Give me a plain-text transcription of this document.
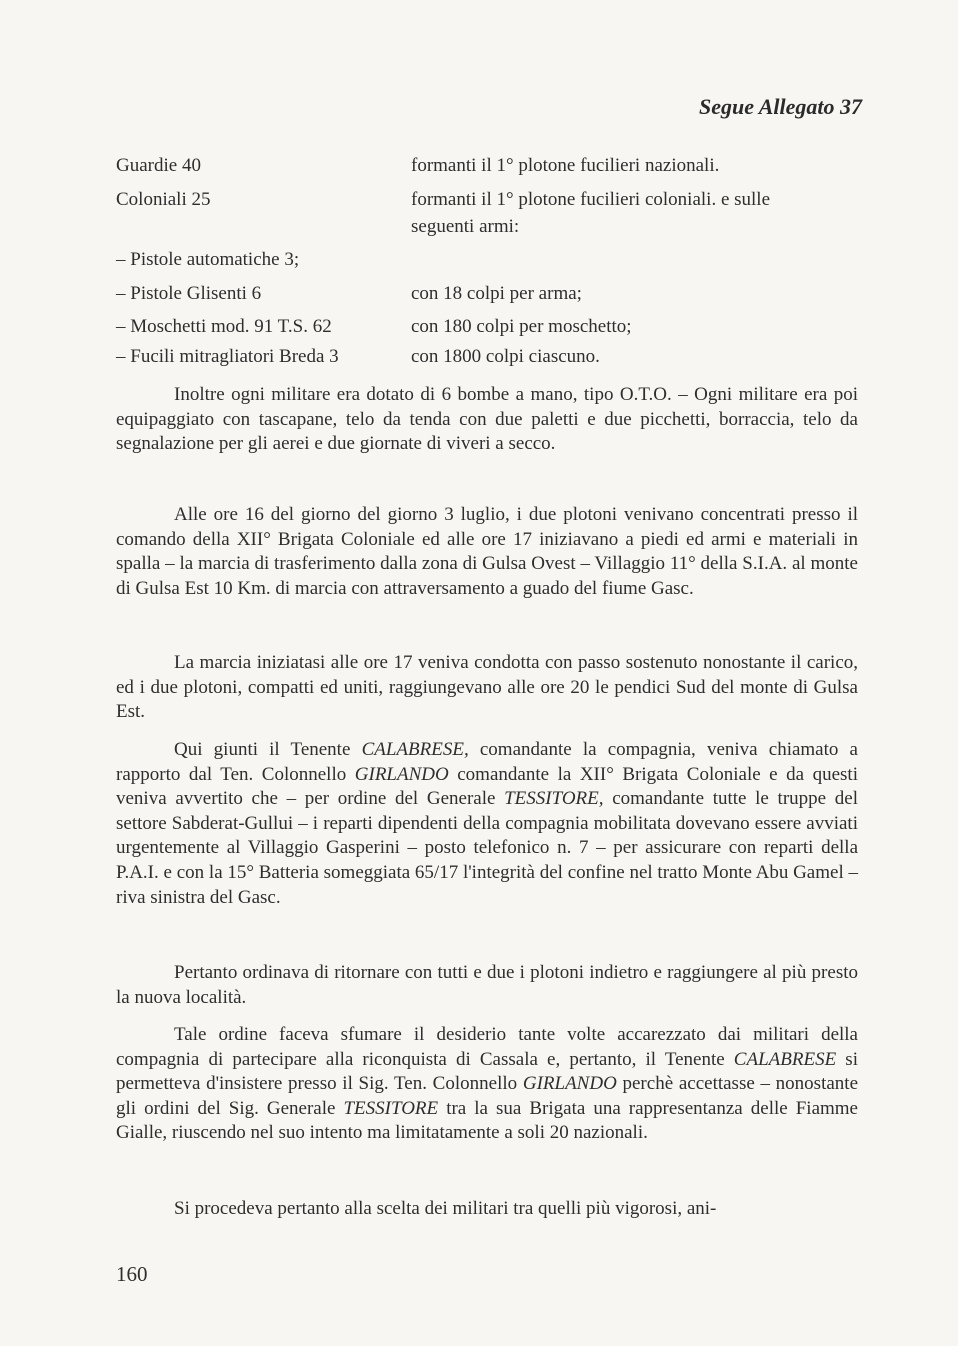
Segue Allegato 37
Guardie 40	formanti il 1° plotone fucilieri nazionali.
Coloniali 25	formanti il 1° plotone fucilieri coloniali. e sulle
seguenti armi:
– Pistole automatiche 3;
– Pistole Glisenti 6	con 18 colpi per arma;
– Moschetti mod. 91 T.S. 62	con 180 colpi per moschetto;
– Fucili mitragliatori Breda 3	con 1800 colpi ciascuno.

Inoltre ogni militare era dotato di 6 bombe a mano, tipo O.T.O. – Ogni militare era poi equipaggiato con tascapane, telo da tenda con due paletti e due picchetti, borraccia, telo da segnalazione per gli aerei e due giornate di viveri a secco.

Alle ore 16 del giorno del giorno 3 luglio, i due plotoni venivano concentrati presso il comando della XII° Brigata Coloniale ed alle ore 17 iniziavano a piedi ed armi e materiali in spalla – la marcia di trasferimento dalla zona di Gulsa Ovest – Villaggio 11° della S.I.A. al monte di Gulsa Est 10 Km. di marcia con attraversamento a guado del fiume Gasc.

La marcia iniziatasi alle ore 17 veniva condotta con passo sostenuto nonostante il carico, ed i due plotoni, compatti ed uniti, raggiungevano alle ore 20 le pendici Sud del monte di Gulsa Est.

Qui giunti il Tenente CALABRESE, comandante la compagnia, veniva chiamato a rapporto dal Ten. Colonnello GIRLANDO comandante la XII° Brigata Coloniale e da questi veniva avvertito che – per ordine del Generale TESSITORE, comandante tutte le truppe del settore Sabderat-Gullui – i reparti dipendenti della compagnia mobilitata dovevano essere avviati urgentemente al Villaggio Gasperini – posto telefonico n. 7 – per assicurare con reparti della P.A.I. e con la 15° Batteria someggiata 65/17 l'integrità del confine nel tratto Monte Abu Gamel – riva sinistra del Gasc.

Pertanto ordinava di ritornare con tutti e due i plotoni indietro e raggiungere al più presto la nuova località.

Tale ordine faceva sfumare il desiderio tante volte accarezzato dai militari della compagnia di partecipare alla riconquista di Cassala e, pertanto, il Tenente CALABRESE si permetteva d'insistere presso il Sig. Ten. Colonnello GIRLANDO perchè accettasse – nonostante gli ordini del Sig. Generale TESSITORE tra la sua Brigata una rappresentanza delle Fiamme Gialle, riuscendo nel suo intento ma limitatamente a soli 20 nazionali.

Si procedeva pertanto alla scelta dei militari tra quelli più vigorosi, ani-

160
